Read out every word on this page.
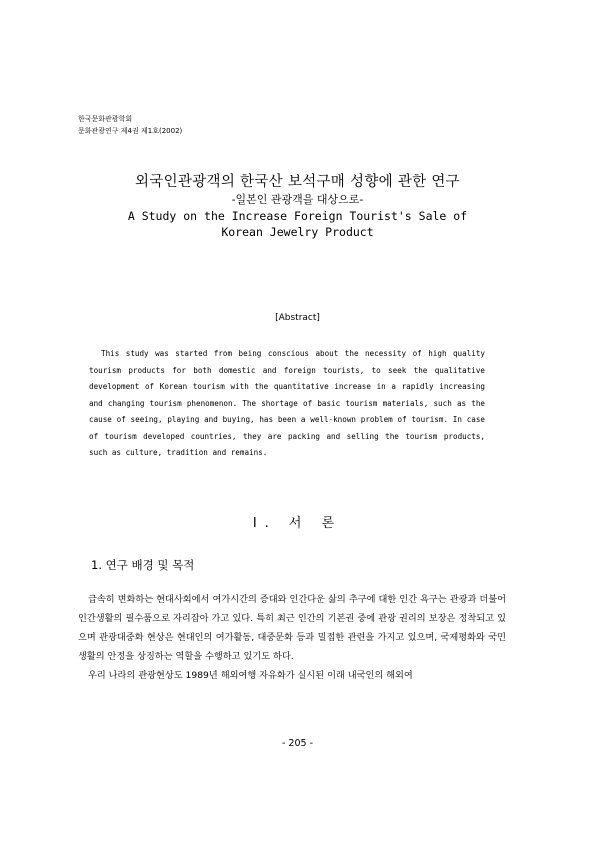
한국문화관광학회
문화관광연구 제4권 제1호(2002)
외국인관광객의 한국산 보석구매 성향에 관한 연구
-일본인 관광객을 대상으로-
A Study on the Increase Foreign Tourist's Sale of
Korean Jewelry Product
[Abstract]
This study was started from being conscious about the necessity of high quality tourism products for both domestic and foreign tourists, to seek the qualitative development of Korean tourism with the quantitative increase in a rapidly increasing and changing tourism phenomenon. The shortage of basic tourism materials, such as the cause of seeing, playing and buying, has been a well-known problem of tourism. In case of tourism developed countries, they are packing and selling the tourism products, such as culture, tradition and remains.
Ⅰ. 서 론
1. 연구 배경 및 목적

급속히 변화하는 현대사회에서 여가시간의 증대와 인간다운 삶의 추구에 대한 인간 욕구는 관광과 더불어 인간생활의 필수품으로 자리잡아 가고 있다. 특히 최근 인간의 기본권 중에 관광 권리의 보장은 정착되고 있으며 관광대중화 현상은 현대인의 여가활동, 대중문화 등과 밀접한 관련을 가지고 있으며, 국제평화와 국민생활의 안정을 상징하는 역할을 수행하고 있기도 하다.

우리 나라의 관광현상도 1989년 해외여행 자유화가 실시된 이래 내국인의 해외여

- 205 -
